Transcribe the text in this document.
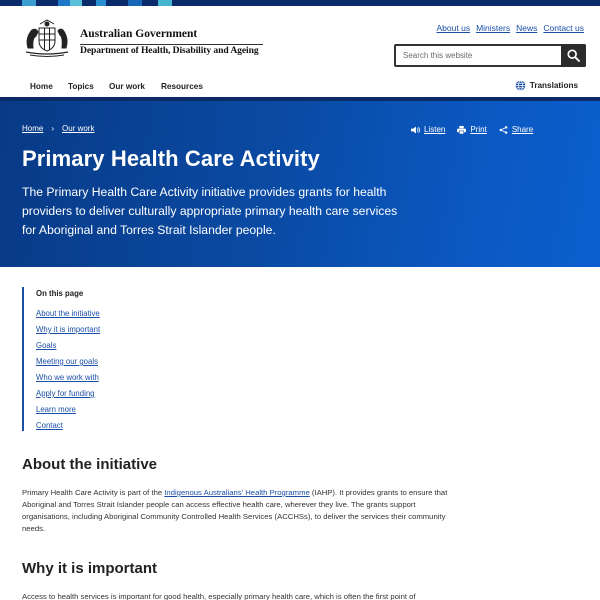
Australian Government
Department of Health, Disability and Ageing
About us Ministers News Contact us
Search this website
Home Topics Our work Resources	Translations
Home › Our work	Listen	Print	Share
Primary Health Care Activity

The Primary Health Care Activity initiative provides grants for health providers to deliver culturally appropriate primary health care services for Aboriginal and Torres Strait Islander people.

On this page
About the initiative
Why it is important
Goals
Meeting our goals
Who we work with
Apply for funding
Learn more
Contact
About the initiative

Primary Health Care Activity is part of the Indigenous Australians' Health Programme (IAHP). It provides grants to ensure that Aboriginal and Torres Strait Islander people can access effective health care, wherever they live. The grants support organisations, including Aboriginal Community Controlled Health Services (ACCHSs), to deliver the services their community needs.

Why it is important

Access to health services is important for good health, especially primary health care, which is often the first point of
